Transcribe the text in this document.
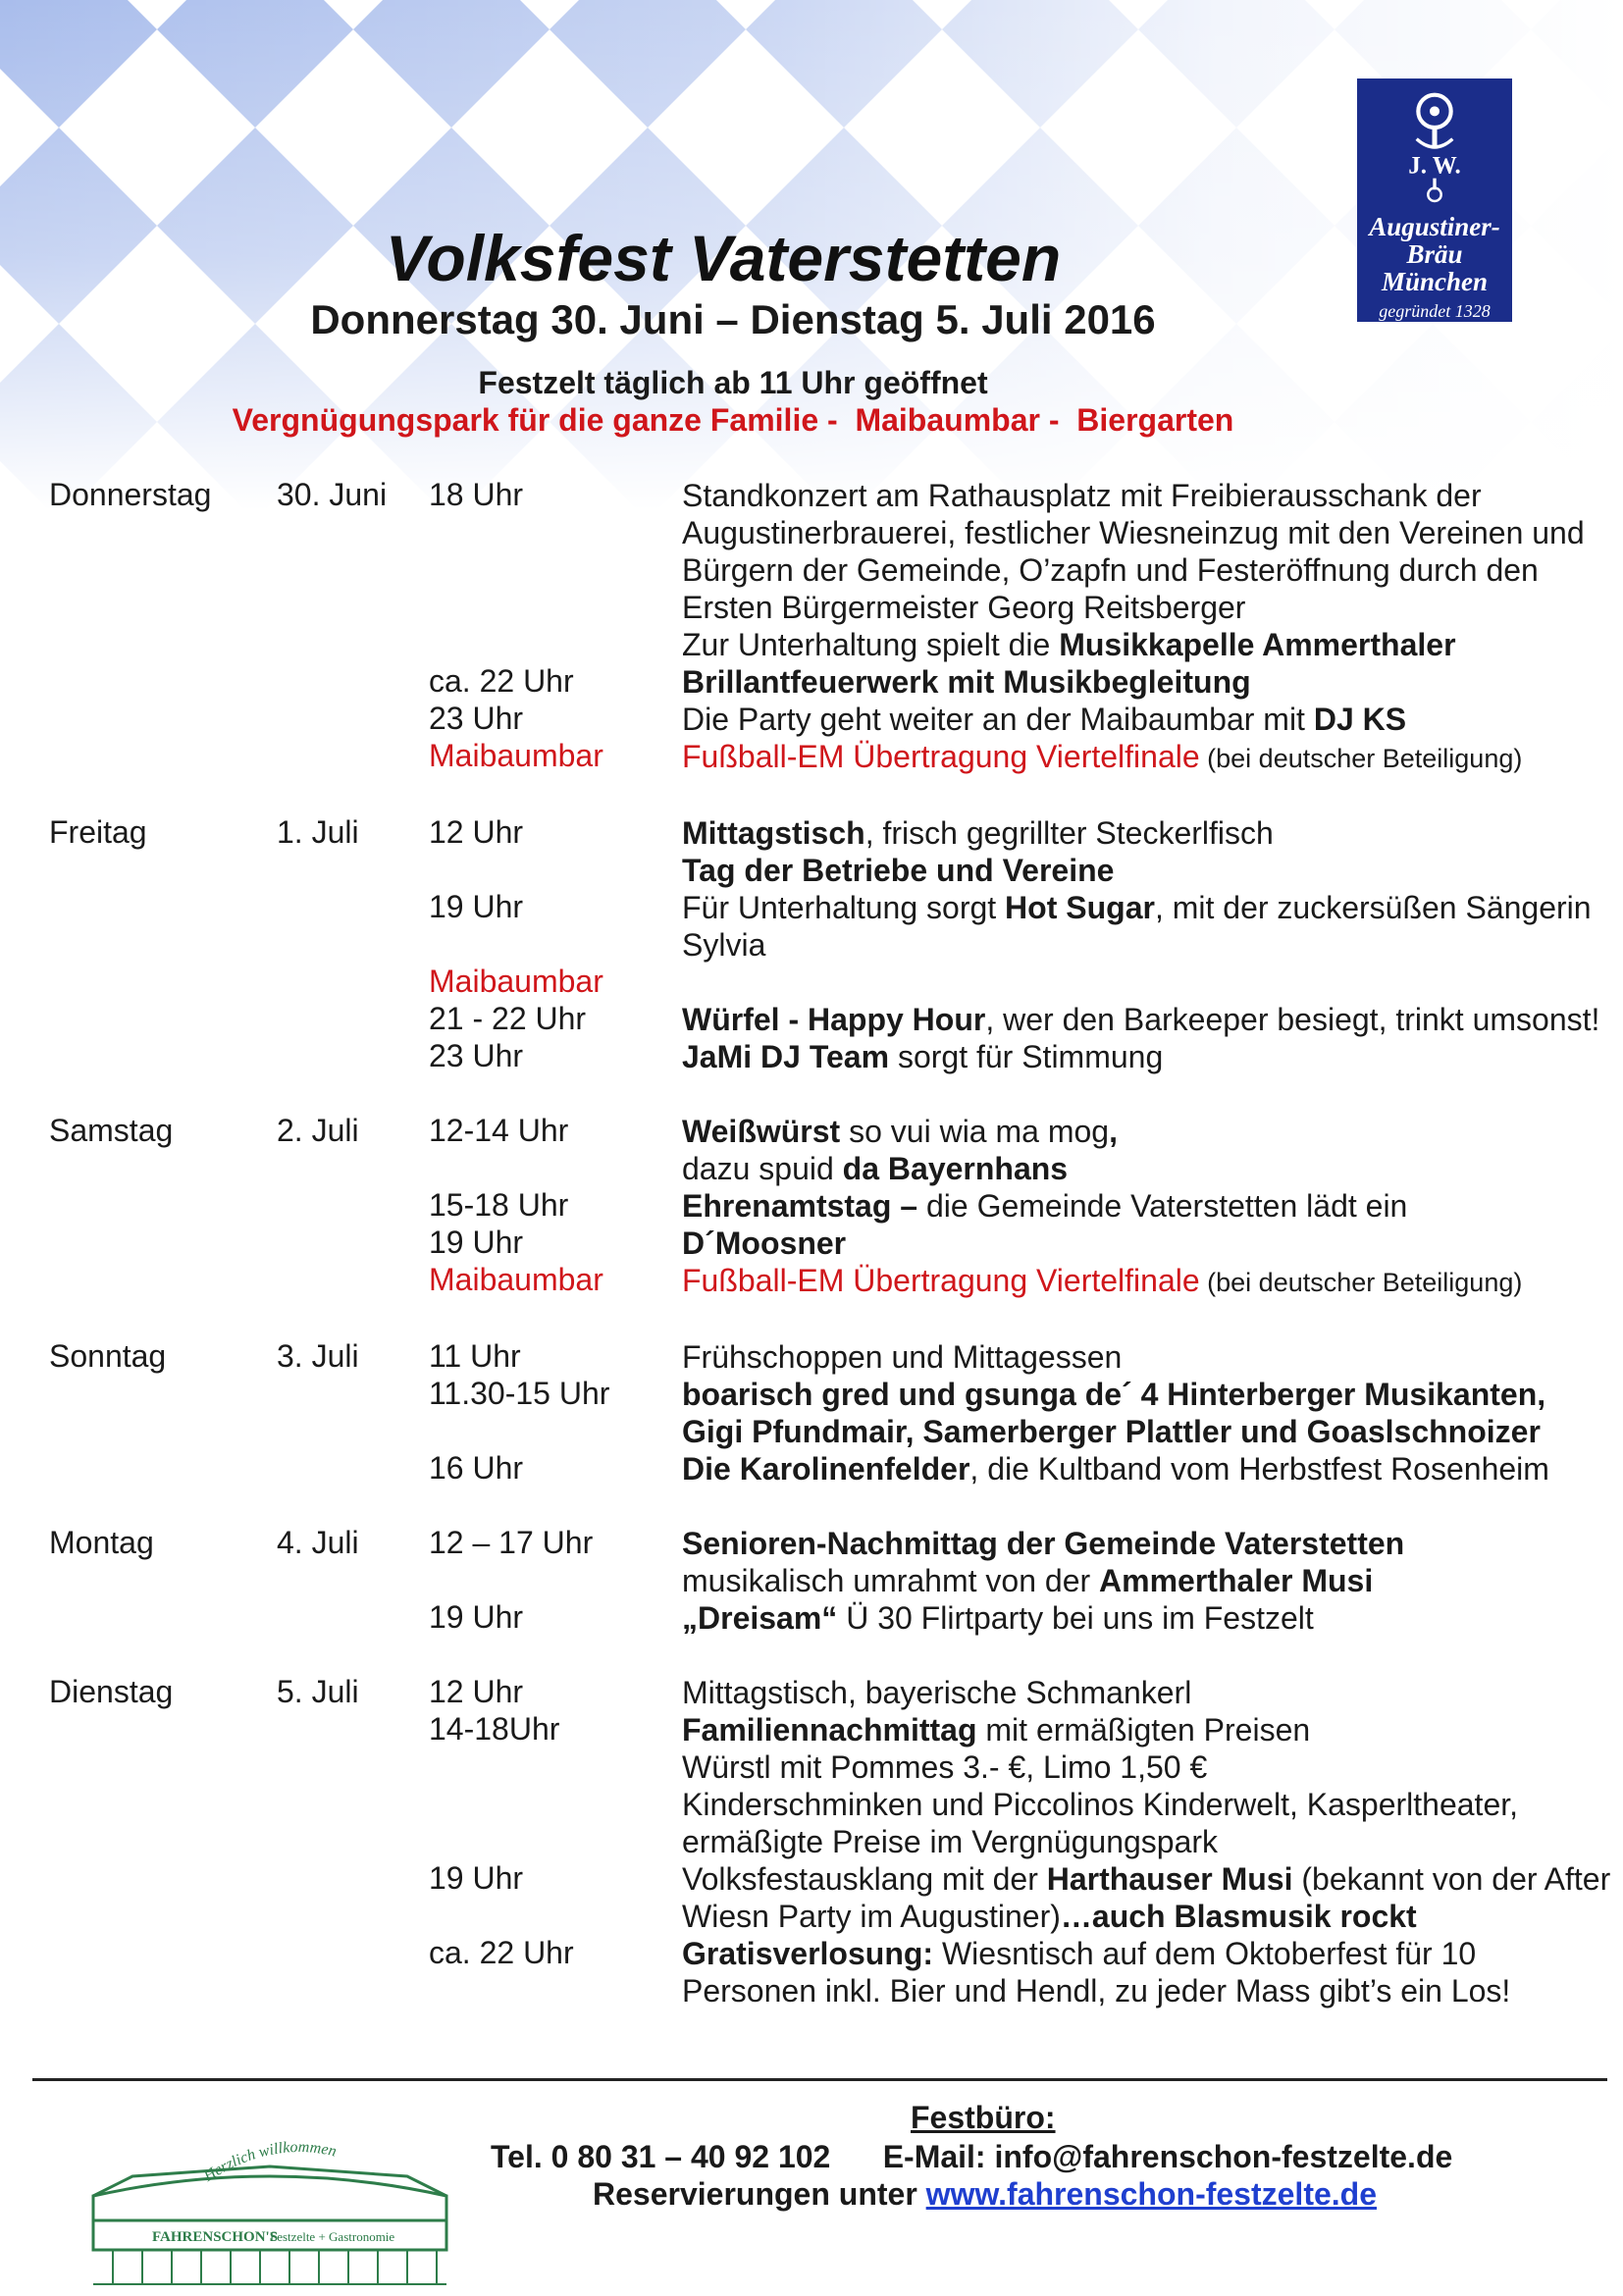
Volksfest Vaterstetten
Donnerstag 30. Juni – Dienstag 5. Juli 2016
Festzelt täglich ab 11 Uhr geöffnet
Vergnügungspark für die ganze Familie -  Maibaumbar -  Biergarten
J. W.
Augustiner-
Bräu München
gegründet 1328
Donnerstag 30. Juni 18 Uhr	Standkonzert am Rathausplatz mit Freibierausschank der Augustinerbrauerei, festlicher Wiesneinzug mit den Vereinen und Bürgern der Gemeinde, O’zapfn und Festeröffnung durch den Ersten Bürgermeister Georg Reitsberger
Zur Unterhaltung spielt die Musikkapelle Ammerthaler
ca. 22 Uhr	Brillantfeuerwerk mit Musikbegleitung
23 Uhr	Die Party geht weiter an der Maibaumbar mit DJ KS
Maibaumbar	Fußball-EM Übertragung Viertelfinale (bei deutscher Beteiligung)
Freitag	1. Juli 12 Uhr	Mittagstisch, frisch gegrillter Steckerlfisch
Tag der Betriebe und Vereine
19 Uhr	Für Unterhaltung sorgt Hot Sugar, mit der zuckersüßen Sängerin Sylvia
Maibaumbar

21 - 22 Uhr	Würfel - Happy Hour, wer den Barkeeper besiegt, trinkt umsonst!
23 Uhr	JaMi DJ Team sorgt für Stimmung
Samstag	2. Juli 12-14 Uhr	Weißwürst so vui wia ma mog,
dazu spuid da Bayernhans
15-18 Uhr	Ehrenamtstag – die Gemeinde Vaterstetten lädt ein
19 Uhr	D´Moosner
Maibaumbar	Fußball-EM Übertragung Viertelfinale (bei deutscher Beteiligung)
Sonntag	3. Juli 11 Uhr	Frühschoppen und Mittagessen
11.30-15 Uhr boarisch gred und gsunga de´ 4 Hinterberger Musikanten, Gigi Pfundmair, Samerberger Plattler und Goaslschnoizer
16 Uhr	Die Karolinenfelder, die Kultband vom Herbstfest Rosenheim
Montag	4. Juli 12 – 17 Uhr	Senioren-Nachmittag der Gemeinde Vaterstetten
musikalisch umrahmt von der Ammerthaler Musi
19 Uhr	„Dreisam“ Ü 30 Flirtparty bei uns im Festzelt
Dienstag	5. Juli 12 Uhr	Mittagstisch, bayerische Schmankerl
14-18Uhr	Familiennachmittag mit ermäßigten Preisen
Würstl mit Pommes 3.- €, Limo 1,50 €
Kinderschminken und Piccolinos Kinderwelt, Kasperltheater, ermäßigte Preise im Vergnügungspark
19 Uhr	Volksfestausklang mit der Harthauser Musi (bekannt von der After Wiesn Party im Augustiner)…auch Blasmusik rockt
ca. 22 Uhr	Gratisverlosung: Wiesntisch auf dem Oktoberfest für 10 Personen inkl. Bier und Hendl, zu jeder Mass gibt’s ein Los!
Herzlich willkommen
FAHRENSCHON'S
Festzelte + Gastronomie
Festbüro:
Tel. 0 80 31 – 40 92 102      E-Mail: info@fahrenschon-festzelte.de
Reservierungen unter www.fahrenschon-festzelte.de
